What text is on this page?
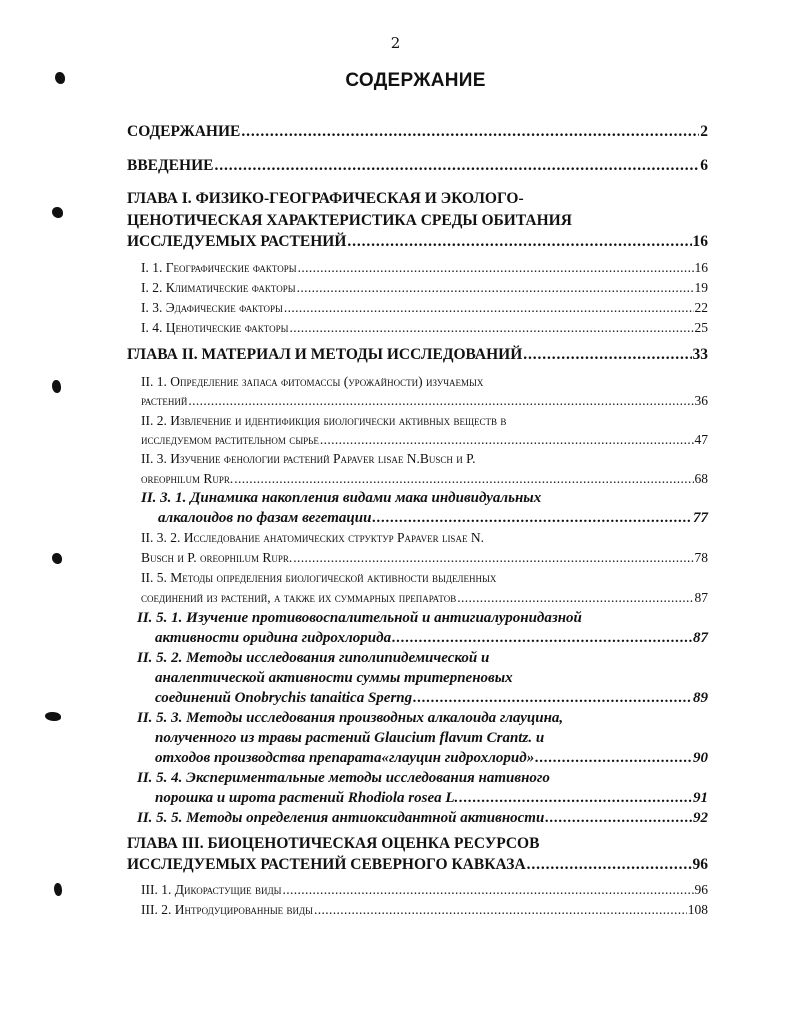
2
СОДЕРЖАНИЕ
СОДЕРЖАНИЕ . . .	2
ВВЕДЕНИЕ . . .	6
ГЛАВА I. ФИЗИКО-ГЕОГРАФИЧЕСКАЯ И ЭКОЛОГО-
ЦЕНОТИЧЕСКАЯ ХАРАКТЕРИСТИКА СРЕДЫ ОБИТАНИЯ
ИССЛЕДУЕМЫХ РАСТЕНИЙ . . .	16
I. 1. Географические факторы . . .	16
I. 2. Климатические факторы . . .	19
I. 3. Эдафические факторы . . .	22
I. 4. Ценотические факторы . . .	25
ГЛАВА II. МАТЕРИАЛ И МЕТОДЫ ИССЛЕДОВАНИЙ . . .	33
II. 1. Определение запаса фитомассы (урожайности) изучаемых
растений . . .	36
II. 2. Извлечение и идентификция биологически активных веществ в
исследуемом растительном сырье . . .	47
II. 3. Изучение фенологии растений Papaver lisae N.Busch и P.
oreophilum Rupr. . . .	68
II. 3. 1. Динамика накопления видами мака индивидуальных
алкалоидов по фазам вегетации . . .	77
II. 3. 2. Исследование анатомических структур Papaver lisae N.
Busch и P. oreophilum Rupr. . . .	78
II. 5. Методы определения биологической активности выделенных
соединений из растений, а также их суммарных препаратов . . .	87
II. 5. 1. Изучение противовоспалительной и антигиалуронидазной
активности оридина гидрохлорида . . .	87
II. 5. 2. Методы исследования гиполипидемической и
аналептической активности суммы тритерпеновых
соединений Onobrychis tanaitica Sperng . . .	89
II. 5. 3. Методы исследования производных алкалоида глауцина,
полученного из травы растений Glaucium flavum Crantz. и
отходов производства препарата«глауцин гидрохлорид» . . .	90
II. 5. 4. Экспериментальные методы исследования нативного
порошка и шрота растений Rhodiola rosea L. . . .	91
II. 5. 5. Методы определения антиоксидантной активности . . .	92
ГЛАВА III. БИОЦЕНОТИЧЕСКАЯ ОЦЕНКА РЕСУРСОВ
ИССЛЕДУЕМЫХ РАСТЕНИЙ СЕВЕРНОГО КАВКАЗА . . .	96
III. 1. Дикорастущие виды . . .	96
III. 2. Интродуцированные виды . . .	108
